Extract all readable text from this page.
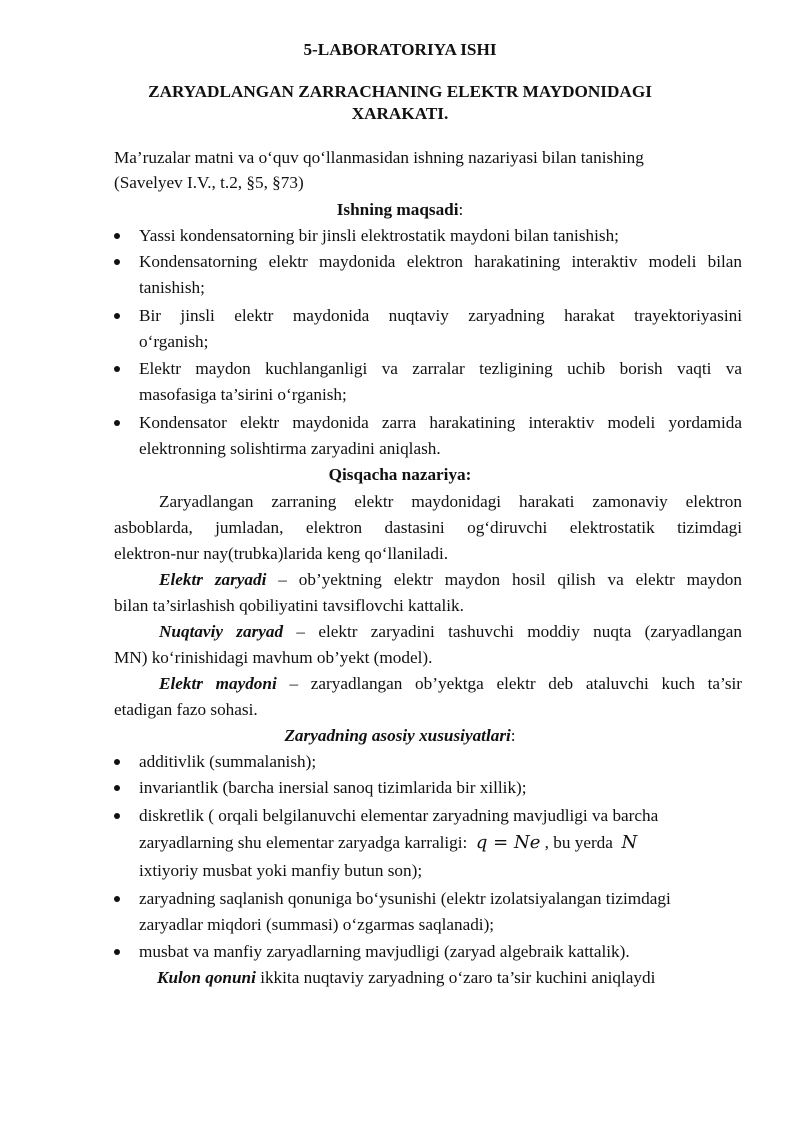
5-LABORATORIYA ISHI
ZARYADLANGAN ZARRACHANING ELEKTR MAYDONIDAGI
XARAKATI.
Ma’ruzalar matni va o‘quv qo‘llanmasidan ishning nazariyasi bilan tanishing
(Savelyev I.V., t.2, §5, §73)
Ishning maqsadi:
Yassi kondensatorning bir jinsli elektrostatik maydoni bilan tanishish;
Kondensatorning elektr maydonida elektron harakatining interaktiv modeli bilan
tanishish;
Bir jinsli elektr maydonida nuqtaviy zaryadning harakat trayektoriyasini
o‘rganish;
Elektr maydon kuchlanganligi va zarralar tezligining uchib borish vaqti va
masofasiga ta’sirini o‘rganish;
Kondensator elektr maydonida zarra harakatining interaktiv modeli yordamida
elektronning solishtirma zaryadini aniqlash.
Qisqacha nazariya:
Zaryadlangan zarraning elektr maydonidagi harakati zamonaviy elektron
asboblarda, jumladan, elektron dastasini og‘diruvchi elektrostatik tizimdagi
elektron-nur nay(trubka)larida keng qo‘llaniladi.
Elektr zaryadi – ob’yektning elektr maydon hosil qilish va elektr maydon
bilan ta’sirlashish qobiliyatini tavsiflovchi kattalik.
Nuqtaviy zaryad – elektr zaryadini tashuvchi moddiy nuqta (zaryadlangan
MN) ko‘rinishidagi mavhum ob’yekt (model).
Elektr maydoni – zaryadlangan ob’yektga elektr deb ataluvchi kuch ta’sir
etadigan fazo sohasi.
Zaryadning asosiy xususiyatlari:
additivlik (summalanish);
invariantlik (barcha inersial sanoq tizimlarida bir xillik);
diskretlik ( orqali belgilanuvchi elementar zaryadning mavjudligi va barcha
zaryadlarning shu elementar zaryadga karraligi: q = Ne , bu yerda N
ixtiyoriy musbat yoki manfiy butun son);
zaryadning saqlanish qonuniga bo‘ysunishi (elektr izolatsiyalangan tizimdagi
zaryadlar miqdori (summasi) o‘zgarmas saqlanadi);
musbat va manfiy zaryadlarning mavjudligi (zaryad algebraik kattalik).
Kulon qonuni ikkita nuqtaviy zaryadning o‘zaro ta’sir kuchini aniqlaydi
